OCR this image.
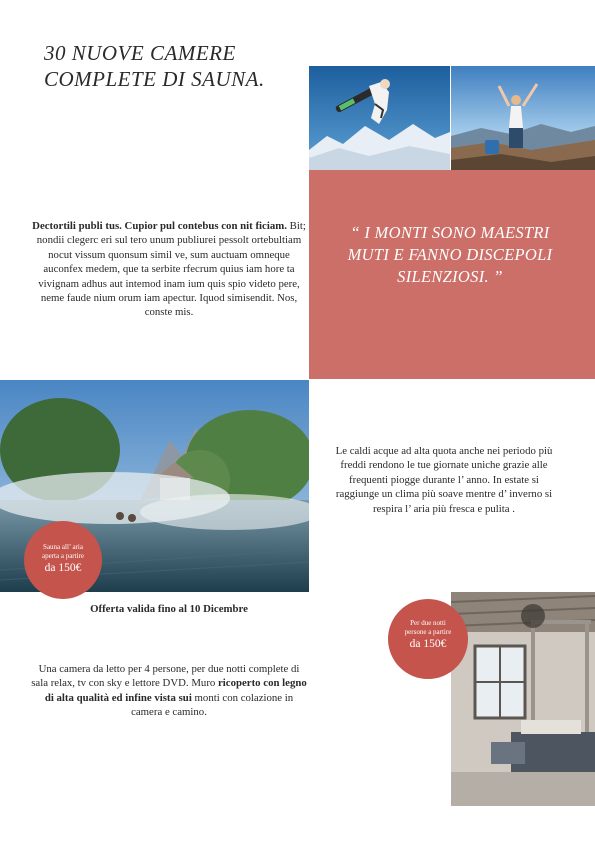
30 NUOVE CAMERE COMPLETE DI SAUNA.
“ I MONTI SONO MAESTRI MUTI E FANNO DISCEPOLI SILENZIOSI. ”
Dectortili publi tus. Cupior pul contebus con nit ficiam. Bit; nondii clegerc eri sul tero unum publiurei pessolt ortebultiam nocut vissum quonsum simil ve, sum auctuam omneque auconfex medem, que ta serbite rfecrum quius iam hore ta vivignam adhus aut intemod inam ium quis spio videto pere, neme faude nium orum iam apectur. Iquod simisendit. Nos, conste mis.
Sauna all’ aria
aperta a partire
da 150€
Le caldi acque ad alta quota anche nei periodo più freddi rendono le tue giornate uniche grazie alle frequenti piogge durante l’ anno. In estate si raggiunge un clima più soave mentre d’ inverno si respira l’ aria più fresca e pulita .
Offerta valida fino al 10 Dicembre
Per due notti
persone a partire
da 150€
Una camera da letto per 4 persone, per due notti complete di sala relax, tv con sky e lettore DVD. Muro ricoperto con legno di alta qualità ed infine vista sui monti con colazione in camera e camino.
